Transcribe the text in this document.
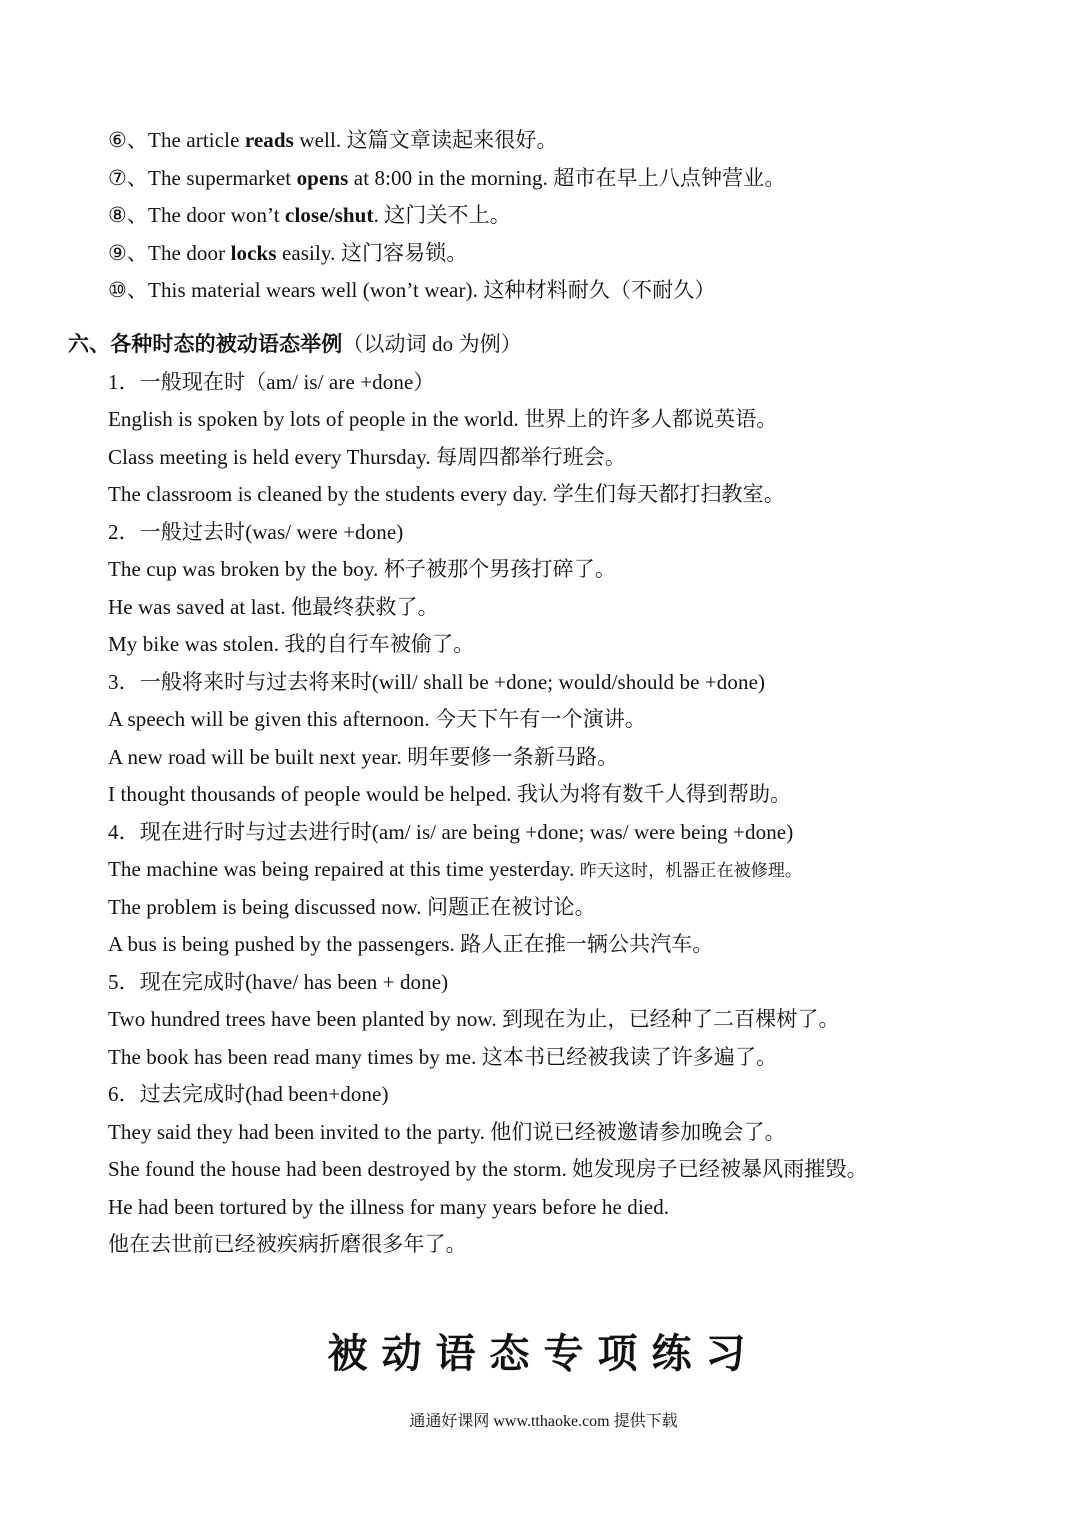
⑥、The article reads well. 这篇文章读起来很好。
⑦、The supermarket opens at 8:00 in the morning. 超市在早上八点钟营业。
⑧、The door won’t close/shut. 这门关不上。
⑨、The door locks easily. 这门容易锁。
⑩、This material wears well (won’t wear). 这种材料耐久（不耐久）
六、各种时态的被动语态举例（以动词 do 为例）
1．一般现在时（am/ is/ are +done）
English is spoken by lots of people in the world. 世界上的许多人都说英语。
Class meeting is held every Thursday. 每周四都举行班会。
The classroom is cleaned by the students every day. 学生们每天都打扫教室。
2．一般过去时(was/ were +done)
The cup was broken by the boy. 杯子被那个男孩打碎了。
He was saved at last. 他最终获救了。
My bike was stolen. 我的自行车被偷了。
3．一般将来时与过去将来时(will/ shall be +done; would/should be +done)
A speech will be given this afternoon. 今天下午有一个演讲。
A new road will be built next year. 明年要修一条新马路。
I thought thousands of people would be helped. 我认为将有数千人得到帮助。
4．现在进行时与过去进行时(am/ is/ are being +done; was/ were being +done)
The machine was being repaired at this time yesterday. 昨天这时，机器正在被修理。
The problem is being discussed now. 问题正在被讨论。
A bus is being pushed by the passengers. 路人正在推一辆公共汽车。
5．现在完成时(have/ has been + done)
Two hundred trees have been planted by now. 到现在为止，已经种了二百棵树了。
The book has been read many times by me. 这本书已经被我读了许多遍了。
6．过去完成时(had been+done)
They said they had been invited to the party. 他们说已经被邀请参加晚会了。
She found the house had been destroyed by the storm. 她发现房子已经被暴风雨摧毁。
He had been tortured by the illness for many years before he died.
他在去世前已经被疾病折磨很多年了。
被动语态专项练习
通通好课网 www.tthaoke.com 提供下载
